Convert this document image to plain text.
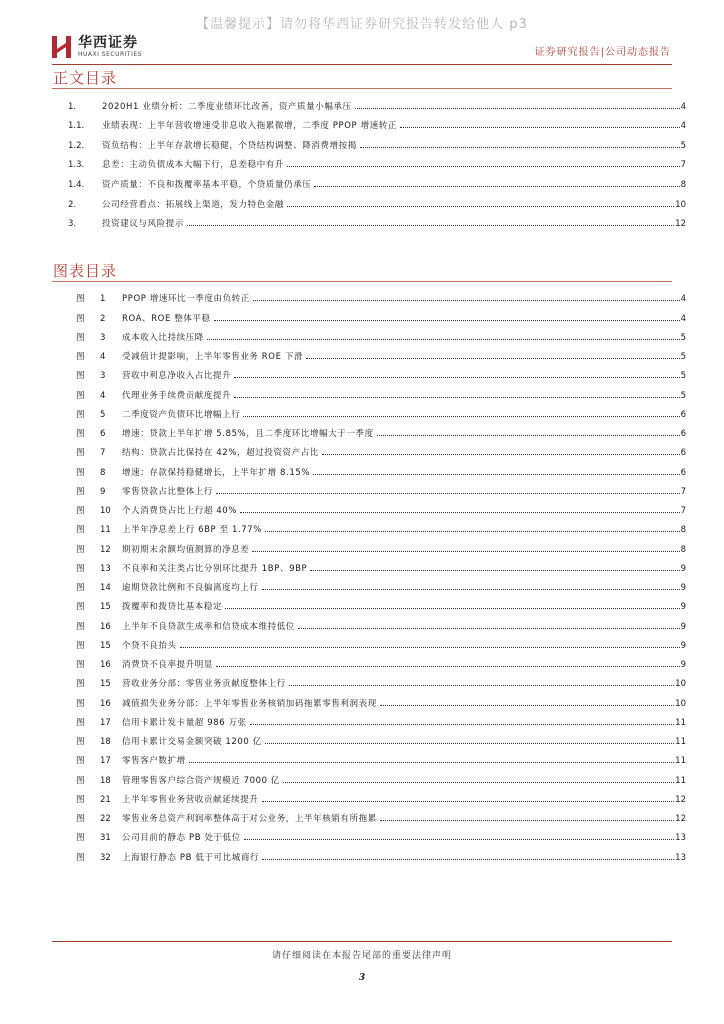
【温馨提示】请勿将华西证券研究报告转发给他人 p3
华西证券
HUAXI SECURITIES	证券研究报告|公司动态报告
正文目录
1.	2020H1 业绩分析：二季度业绩环比改善，资产质量小幅承压	4
1.1.	业绩表现：上半年营收增速受非息收入拖累微增，二季度 PPOP 增速转正	4
1.2.	资负结构：上半年存款增长稳健，个贷结构调整、降消费增按揭	5
1.3.	息差：主动负债成本大幅下行，息差稳中有升	7
1.4.	资产质量：不良和拨覆率基本平稳，个贷质量仍承压	8
2.	公司经营看点：拓展线上渠道，发力特色金融	10
3.	投资建议与风险提示	12
图表目录
图	1	PPOP 增速环比一季度由负转正	4
图	2	ROA、ROE 整体平稳	4
图	3	成本收入比持续压降	5
图	4	受减值计提影响，上半年零售业务 ROE 下滑	5
图	3	营收中利息净收入占比提升	5
图	4	代理业务手续费贡献度提升	5
图	5	二季度资产负债环比增幅上行	6
图	6	增速：贷款上半年扩增 5.85%，且二季度环比增幅大于一季度	6
图	7	结构：贷款占比保持在 42%，超过投资资产占比	6
图	8	增速：存款保持稳健增长，上半年扩增 8.15%	6
图	9	零售贷款占比整体上行	7
图	10	个人消费贷占比上行超 40%	7
图	11	上半年净息差上行 6BP 至 1.77%	8
图	12	期初期末余额均值测算的净息差	8
图	13	不良率和关注类占比分别环比提升 1BP、9BP	9
图	14	逾期贷款比例和不良偏离度均上行	9
图	15	拨覆率和拨贷比基本稳定	9
图	16	上半年不良贷款生成率和信贷成本维持低位	9
图	15	个贷不良抬头	9
图	16	消费贷不良率提升明显	9
图	15	营收业务分部：零售业务贡献度整体上行	10
图	16	减值损失业务分部：上半年零售业务核销加码拖累零售利润表现	10
图	17	信用卡累计发卡量超 986 万张	11
图	18	信用卡累计交易金额突破 1200 亿	11
图	17	零售客户数扩增	11
图	18	管理零售客户综合资产规模近 7000 亿	11
图	21	上半年零售业务营收贡献延续提升	12
图	22	零售业务总资产利润率整体高于对公业务，上半年核销有所拖累	12
图	31	公司目前的静态 PB 处于低位	13
图	32	上海银行静态 PB 低于可比城商行	13
请仔细阅读在本报告尾部的重要法律声明
3
